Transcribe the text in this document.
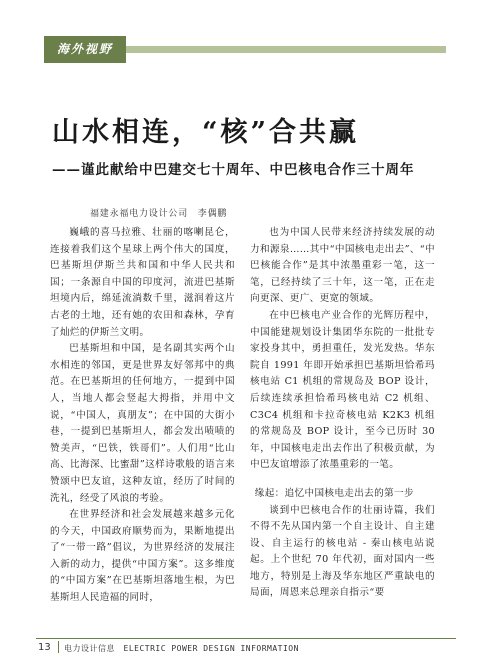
海外视野
山水相连，“核”合共赢
——谨此献给中巴建交七十周年、中巴核电合作三十周年
福建永福电力设计公司　李偶鹏

巍峨的喜马拉雅、壮丽的喀喇昆仑，连接着我们这个星球上两个伟大的国度，巴基斯坦伊斯兰共和国和中华人民共和国；一条源自中国的印度河，流进巴基斯坦境内后，绵延流淌数千里，滋润着这片古老的土地，还有她的农田和森林，孕育了灿烂的伊斯兰文明。

巴基斯坦和中国，是名副其实两个山水相连的邻国，更是世界友好邻邦中的典范。在巴基斯坦的任何地方，一提到中国人，当地人都会竖起大拇指，并用中文说，“中国人，真朋友”；在中国的大街小巷，一提到巴基斯坦人，都会发出啧啧的赞美声，“巴铁，铁哥们”。人们用“比山高、比海深、比蜜甜”这样诗歌般的语言来赞颂中巴友谊，这种友谊，经历了时间的洗礼，经受了风浪的考验。

在世界经济和社会发展越来越多元化的今天，中国政府顺势而为，果断地提出了“一带一路”倡议，为世界经济的发展注入新的动力，提供“中国方案”。这多维度的“中国方案”在巴基斯坦落地生根，为巴基斯坦人民造福的同时，

也为中国人民带来经济持续发展的动力和源泉……其中“中国核电走出去”、“中巴核能合作”是其中浓墨重彩一笔，这一笔，已经持续了三十年，这一笔，正在走向更深、更广、更宽的领域。

在中巴核电产业合作的光辉历程中，中国能建规划设计集团华东院的一批批专家投身其中，勇担重任，发光发热。华东院自 1991 年即开始承担巴基斯坦恰希玛核电站 C1 机组的常规岛及 BOP 设计，后续连续承担恰希玛核电站 C2 机组、C3C4 机组和卡拉奇核电站 K2K3 机组的常规岛及 BOP 设计，至今已历时 30 年，中国核电走出去作出了积极贡献，为中巴友谊增添了浓墨重彩的一笔。

缘起：追忆中国核电走出去的第一步

谈到中巴核电合作的壮丽诗篇，我们不得不先从国内第一个自主设计、自主建设、自主运行的核电站 - 秦山核电站说起。上个世纪 70 年代初，面对国内一些地方，特别是上海及华东地区严重缺电的局面，周恩来总理亲自指示“要

13 电力设计信息　ELECTRIC POWER DESIGN INFORMATION
